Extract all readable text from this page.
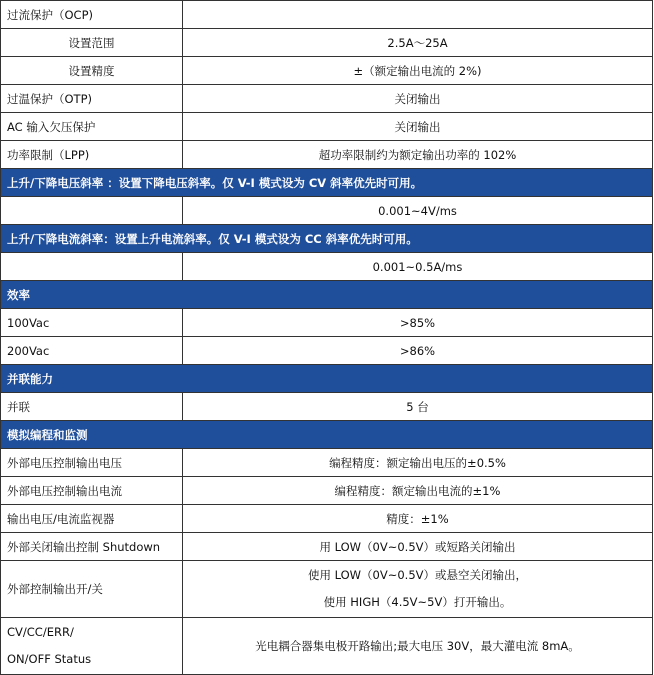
过流保护（OCP)	
设置范围	2.5A～25A
设置精度	±（额定输出电流的 2%)
过温保护（OTP)	关闭输出
AC 输入欠压保护	关闭输出
功率限制（LPP)	超功率限制约为额定输出功率的 102%
上升/下降电压斜率 ：设置下降电压斜率。仅 V-I 模式设为 CV 斜率优先时可用。	
	0.001~4V/ms
上升/下降电流斜率：设置上升电流斜率。仅 V-I 模式设为 CC 斜率优先时可用。	
	0.001~0.5A/ms
效率	
100Vac	>85%
200Vac	>86%
并联能力	
并联	5 台
模拟编程和监测	
外部电压控制输出电压	编程精度：额定输出电压的±0.5%
外部电压控制输出电流	编程精度：额定输出电流的±1%
输出电压/电流监视器	精度：±1%
外部关闭输出控制 Shutdown	用 LOW（0V~0.5V）或短路关闭输出
外部控制输出开/关	使用 LOW（0V~0.5V）或悬空关闭输出，
使用 HIGH（4.5V~5V）打开输出。

CV/CC/ERR/
ON/OFF Status	光电耦合器集电极开路输出;最大电压 30V，最大灌电流 8mA。
